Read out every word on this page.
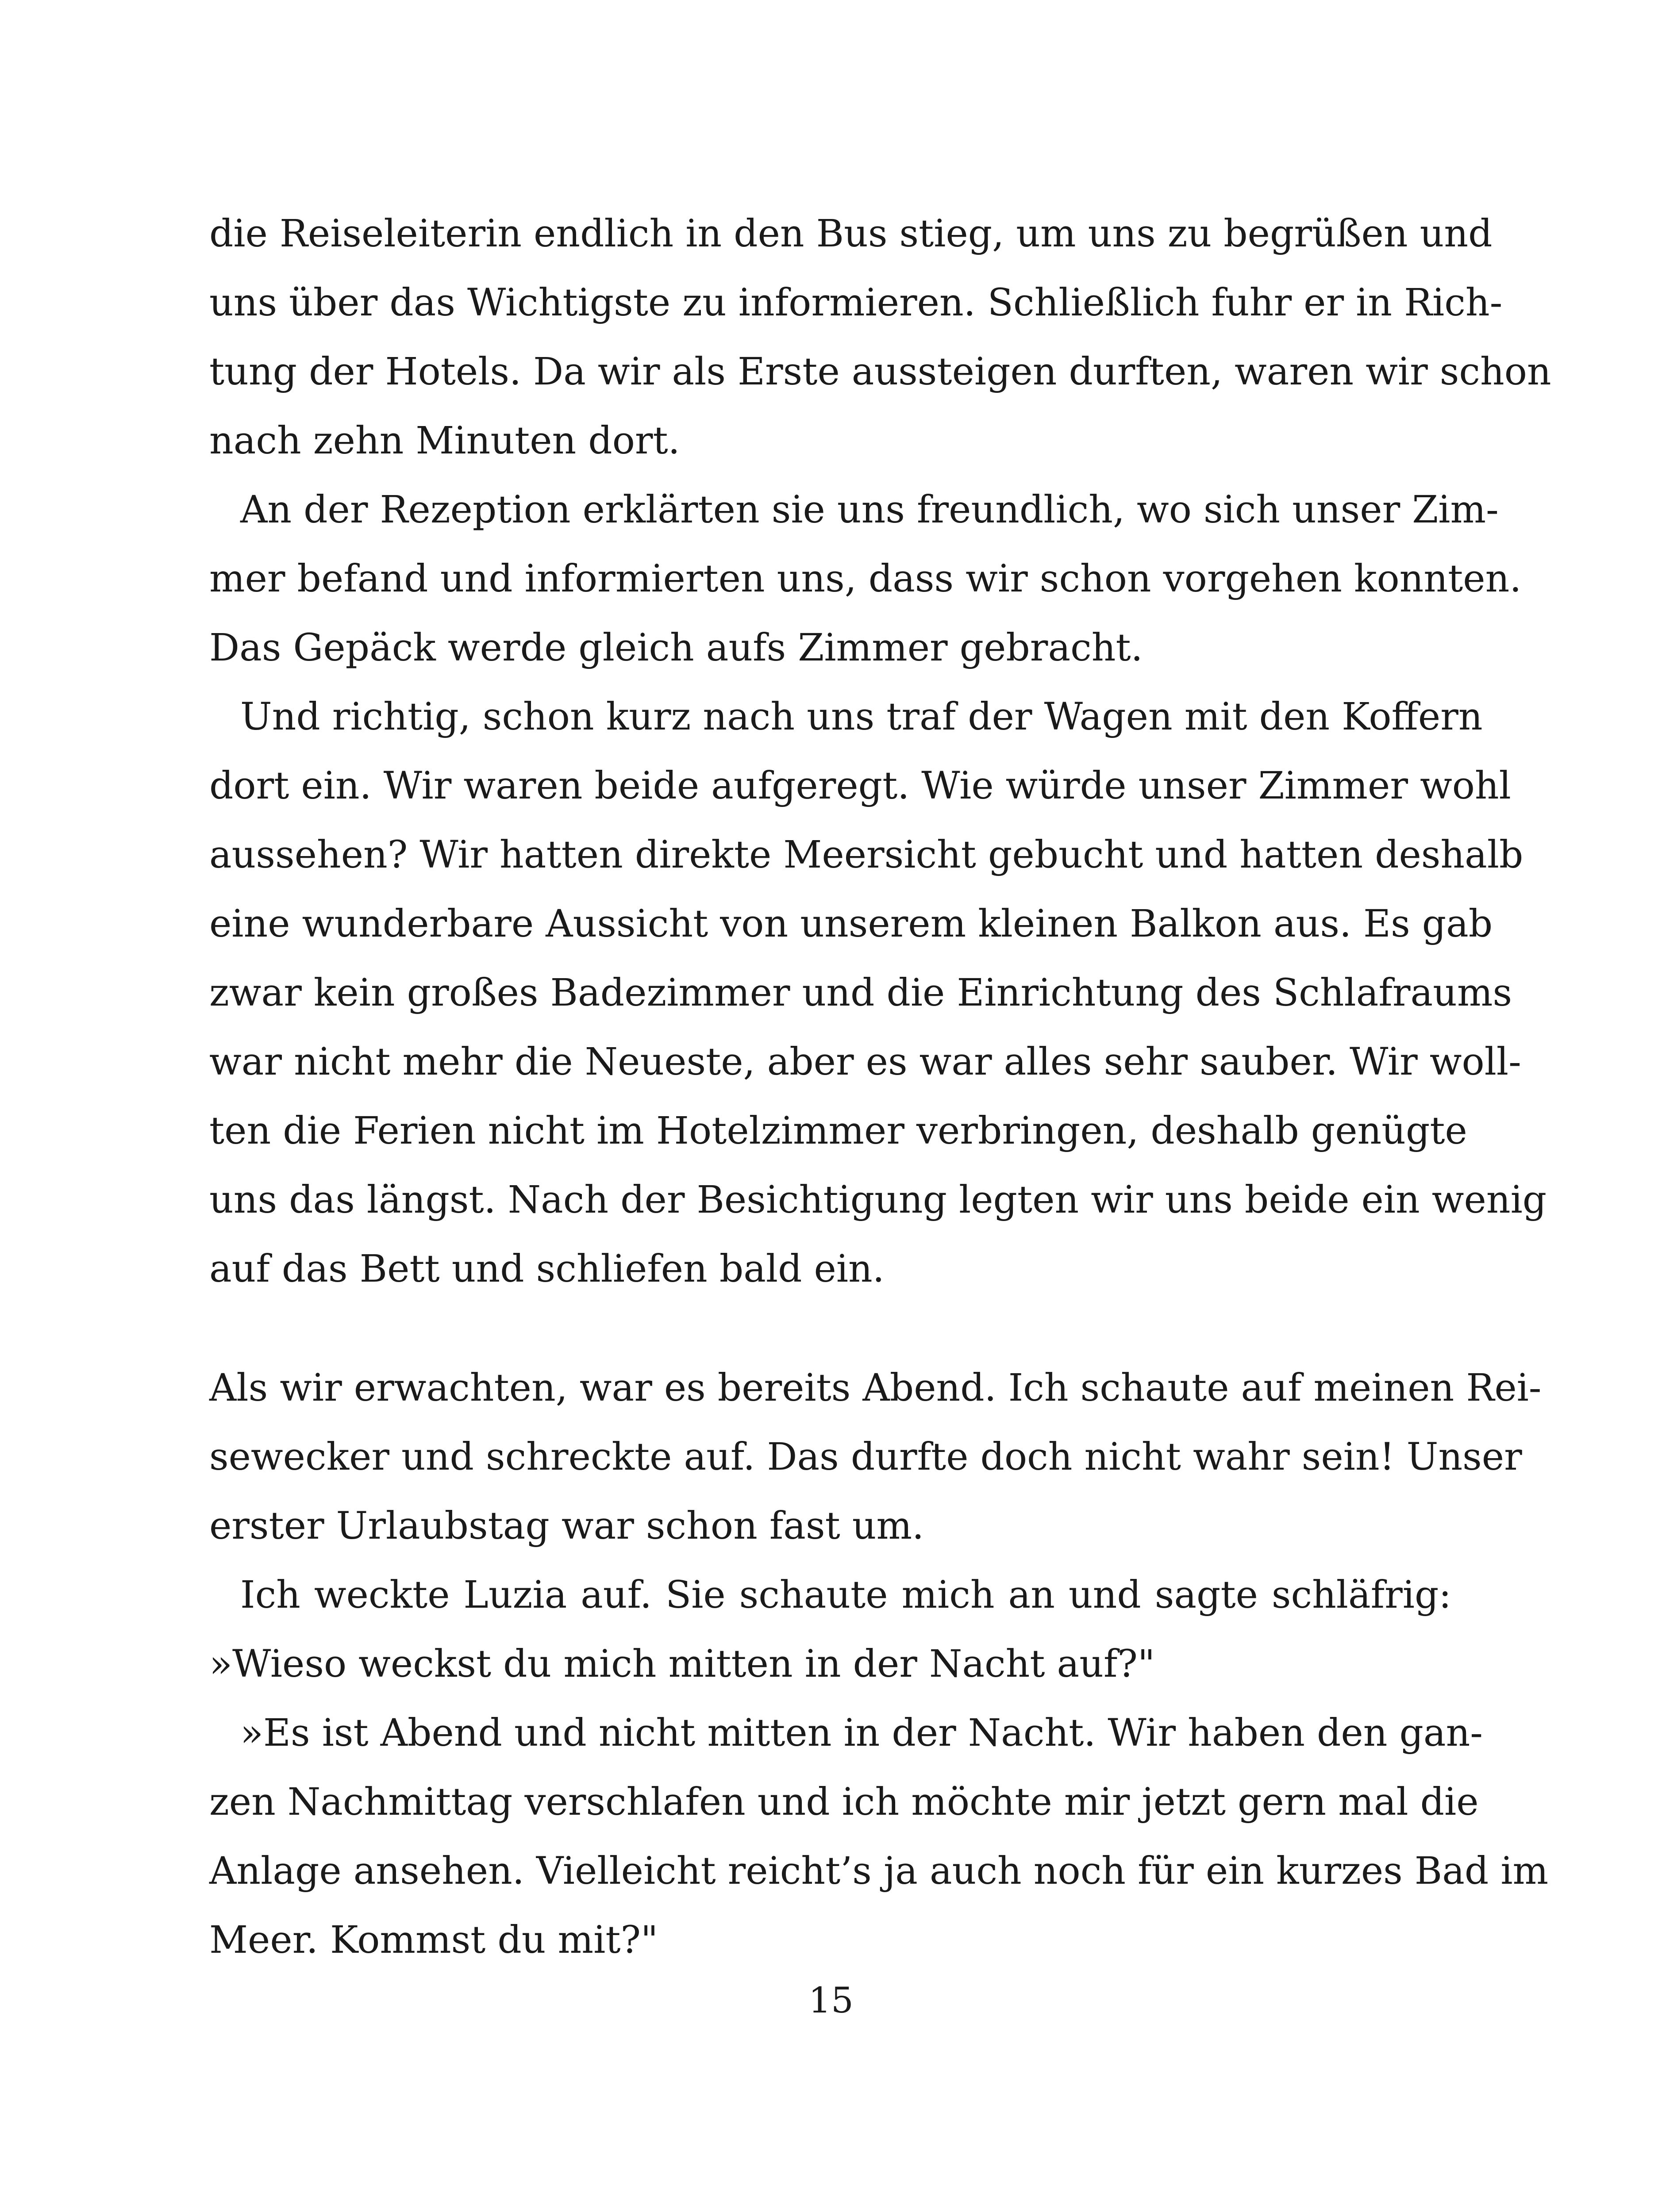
die Reiseleiterin endlich in den Bus stieg, um uns zu begrüßen und
uns über das Wichtigste zu informieren. Schließlich fuhr er in Rich-
tung der Hotels. Da wir als Erste aussteigen durften, waren wir schon
nach zehn Minuten dort.
An der Rezeption erklärten sie uns freundlich, wo sich unser Zim-
mer befand und informierten uns, dass wir schon vorgehen konnten.
Das Gepäck werde gleich aufs Zimmer gebracht.
Und richtig, schon kurz nach uns traf der Wagen mit den Koffern
dort ein. Wir waren beide aufgeregt. Wie würde unser Zimmer wohl
aussehen? Wir hatten direkte Meersicht gebucht und hatten deshalb
eine wunderbare Aussicht von unserem kleinen Balkon aus. Es gab
zwar kein großes Badezimmer und die Einrichtung des Schlafraums
war nicht mehr die Neueste, aber es war alles sehr sauber. Wir woll-
ten die Ferien nicht im Hotelzimmer verbringen, deshalb genügte
uns das längst. Nach der Besichtigung legten wir uns beide ein wenig
auf das Bett und schliefen bald ein.
Als wir erwachten, war es bereits Abend. Ich schaute auf meinen Rei-
sewecker und schreckte auf. Das durfte doch nicht wahr sein! Unser
erster Urlaubstag war schon fast um.
Ich weckte Luzia auf. Sie schaute mich an und sagte schläfrig:
»Wieso weckst du mich mitten in der Nacht auf?"
»Es ist Abend und nicht mitten in der Nacht. Wir haben den gan-
zen Nachmittag verschlafen und ich möchte mir jetzt gern mal die
Anlage ansehen. Vielleicht reicht’s ja auch noch für ein kurzes Bad im
Meer. Kommst du mit?"
15
